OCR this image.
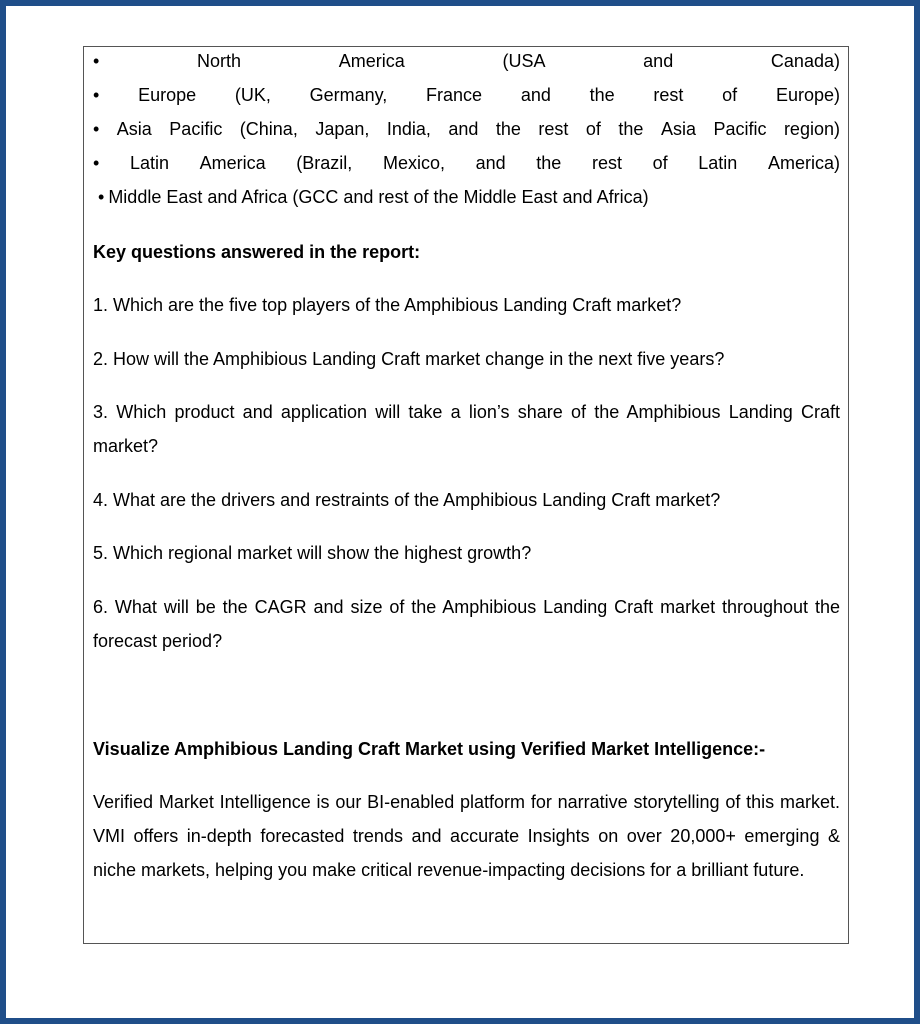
•	North	America	(USA	and	Canada)
• Europe (UK, Germany, France and the rest of Europe)
• Asia Pacific (China, Japan, India, and the rest of the Asia Pacific region)
• Latin America (Brazil, Mexico, and the rest of Latin America)
• Middle East and Africa (GCC and rest of the Middle East and Africa)
Key questions answered in the report:
1. Which are the five top players of the Amphibious Landing Craft market?
2. How will the Amphibious Landing Craft market change in the next five years?
3. Which product and application will take a lion’s share of the Amphibious Landing Craft market?
4. What are the drivers and restraints of the Amphibious Landing Craft market?
5. Which regional market will show the highest growth?
6. What will be the CAGR and size of the Amphibious Landing Craft market throughout the forecast period?
Visualize Amphibious Landing Craft Market using Verified Market Intelligence:-
Verified Market Intelligence is our BI-enabled platform for narrative storytelling of this market. VMI offers in-depth forecasted trends and accurate Insights on over 20,000+ emerging & niche markets, helping you make critical revenue-impacting decisions for a brilliant future.
